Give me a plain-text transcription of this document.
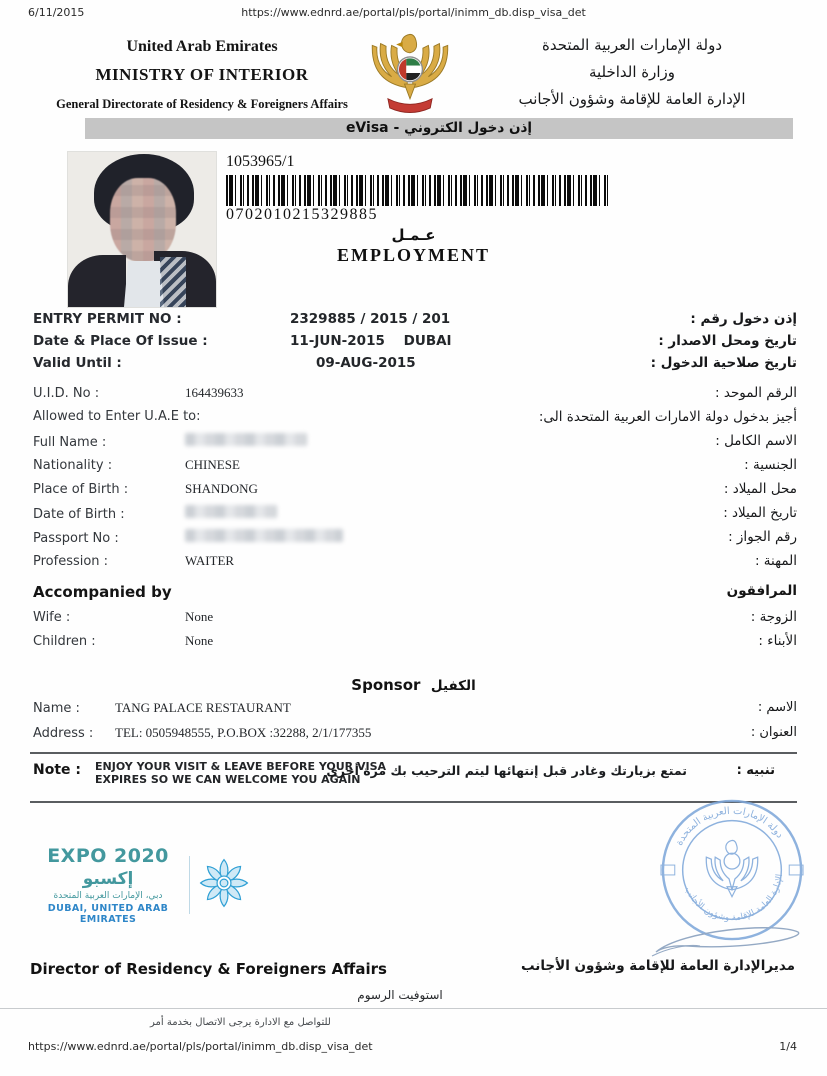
6/11/2015	https://www.ednrd.ae/portal/pls/portal/inimm_db.disp_visa_det
United Arab Emirates
MINISTRY OF INTERIOR
General Directorate of Residency & Foreigners Affairs
دولة الإمارات العربية المتحدة
وزارة الداخلية
الإدارة العامة للإقامة وشؤون الأجانب
eVisa - إذن دخول الكتروني
1053965/1
0702010215329885
عـمـل
EMPLOYMENT
ENTRY PERMIT NO :	2329885 / 2015 / 201	إذن دخول رقم :
Date & Place Of Issue :	11-JUN-2015    DUBAI	تاريخ ومحل الاصدار :
Valid Until :	09-AUG-2015	تاريخ صلاحية الدخول :
U.I.D. No :	164439633	الرقم الموحد :
Allowed to Enter U.A.E to:	أجيز بدخول دولة الامارات العربية المتحدة الى:
Full Name :	الاسم الكامل :
Nationality :	CHINESE	الجنسية :
Place of Birth :	SHANDONG	محل الميلاد :
Date of Birth :	تاريخ الميلاد :
Passport No :	رقم الجواز :
Profession :	WAITER	المهنة :
Accompanied by	المرافقون
Wife :	None	الزوجة :
Children :	None	الأبناء :
Sponsor الكفيل
Name :	TANG PALACE RESTAURANT	الاسم :
Address :	TEL: 0505948555, P.O.BOX :32288, 2/1/177355	العنوان :
Note : ENJOY YOUR VISIT & LEAVE BEFORE YOUR VISA
EXPIRES SO WE CAN WELCOME YOU AGAIN
تمتع بزيارتك وغادر قبل إنتهائها ليتم الترحيب بك مرة أخرى	تنبيه :
EXPO 2020 إكسبو
دبي، الإمارات العربية المتحدة
DUBAI, UNITED ARAB EMIRATES
دولة الإمارات العربية المتحدة
الإدارة العامة للإقامة وشؤون الأجانب
Director of Residency & Foreigners Affairs	مديرالإدارة العامة للإقامة وشؤون الأجانب
استوفيت الرسوم
للتواصل مع الادارة يرجى الاتصال بخدمة أمر
https://www.ednrd.ae/portal/pls/portal/inimm_db.disp_visa_det	1/4
